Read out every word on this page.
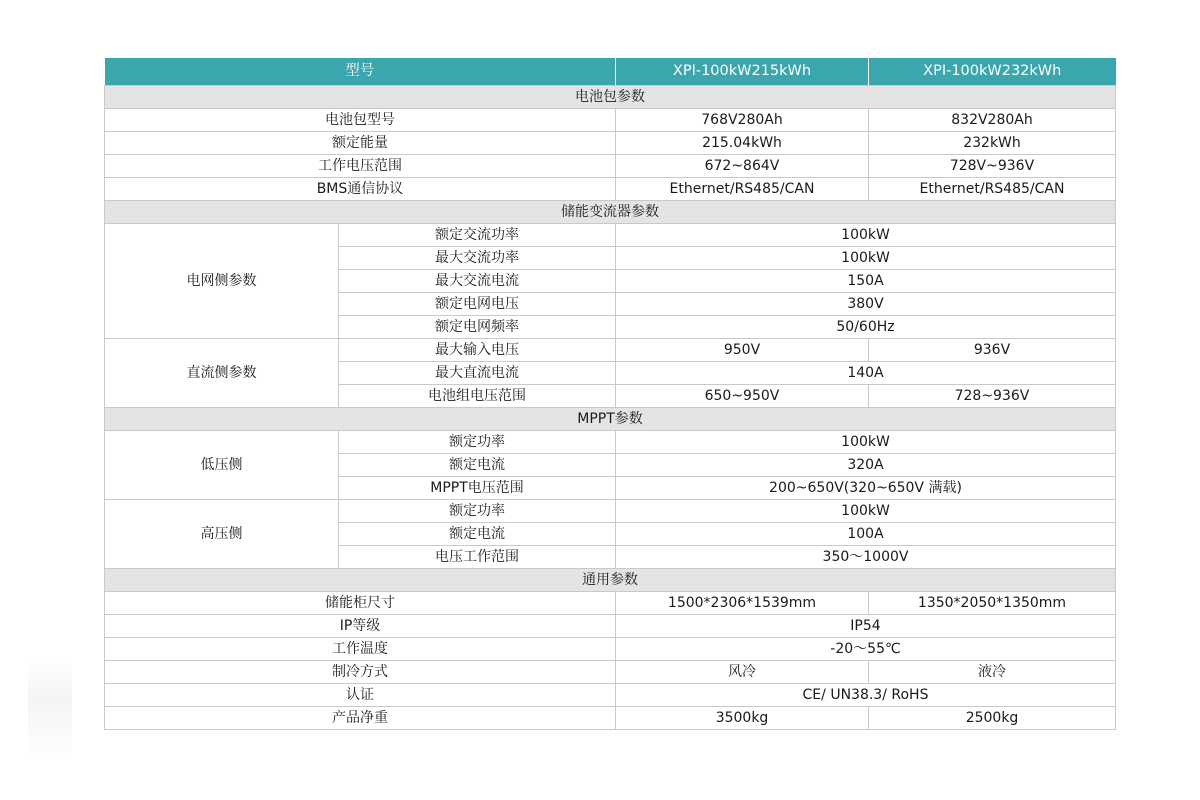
型号		XPI-100kW215kWh	XPI-100kW232kWh
电池包参数			
电池包型号		768V280Ah	832V280Ah
额定能量		215.04kWh	232kWh
工作电压范围		672~864V	728V~936V
BMS通信协议		Ethernet/RS485/CAN	Ethernet/RS485/CAN
储能变流器参数			
电网侧参数	额定交流功率	100kW	
	最大交流功率	100kW	
	最大交流电流	150A	
	额定电网电压	380V	
	额定电网频率	50/60Hz	
直流侧参数	最大输入电压	950V	936V
	最大直流电流	140A	
	电池组电压范围	650~950V	728~936V
MPPT参数			
低压侧	额定功率	100kW	
	额定电流	320A	
	MPPT电压范围	200~650V(320~650V 满载)	
高压侧	额定功率	100kW	
	额定电流	100A	
	电压工作范围	350～1000V	
通用参数			
储能柜尺寸		1500*2306*1539mm	1350*2050*1350mm
IP等级		IP54	
工作温度		-20～55℃	
制冷方式		风冷	液冷
认证		CE/ UN38.3/ RoHS	
产品净重		3500kg	2500kg
